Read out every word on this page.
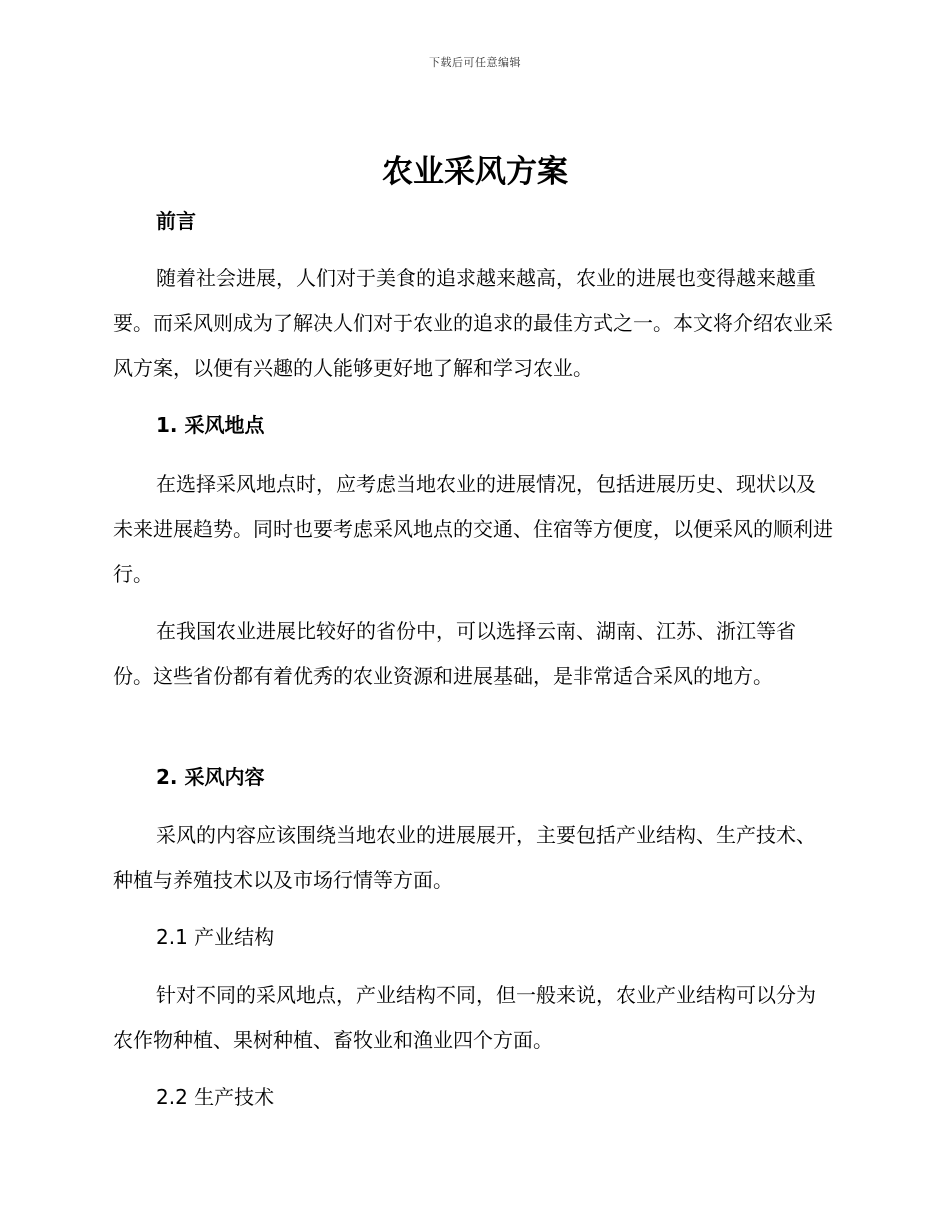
下载后可任意编辑
农业采风方案

前言

随着社会进展，人们对于美食的追求越来越高，农业的进展也变得越来越重要。而采风则成为了解决人们对于农业的追求的最佳方式之一。本文将介绍农业采风方案，以便有兴趣的人能够更好地了解和学习农业。

1. 采风地点

在选择采风地点时，应考虑当地农业的进展情况，包括进展历史、现状以及未来进展趋势。同时也要考虑采风地点的交通、住宿等方便度，以便采风的顺利进行。

在我国农业进展比较好的省份中，可以选择云南、湖南、江苏、浙江等省份。这些省份都有着优秀的农业资源和进展基础，是非常适合采风的地方。

2. 采风内容

采风的内容应该围绕当地农业的进展展开，主要包括产业结构、生产技术、种植与养殖技术以及市场行情等方面。

2.1 产业结构

针对不同的采风地点，产业结构不同，但一般来说，农业产业结构可以分为农作物种植、果树种植、畜牧业和渔业四个方面。

2.2 生产技术
